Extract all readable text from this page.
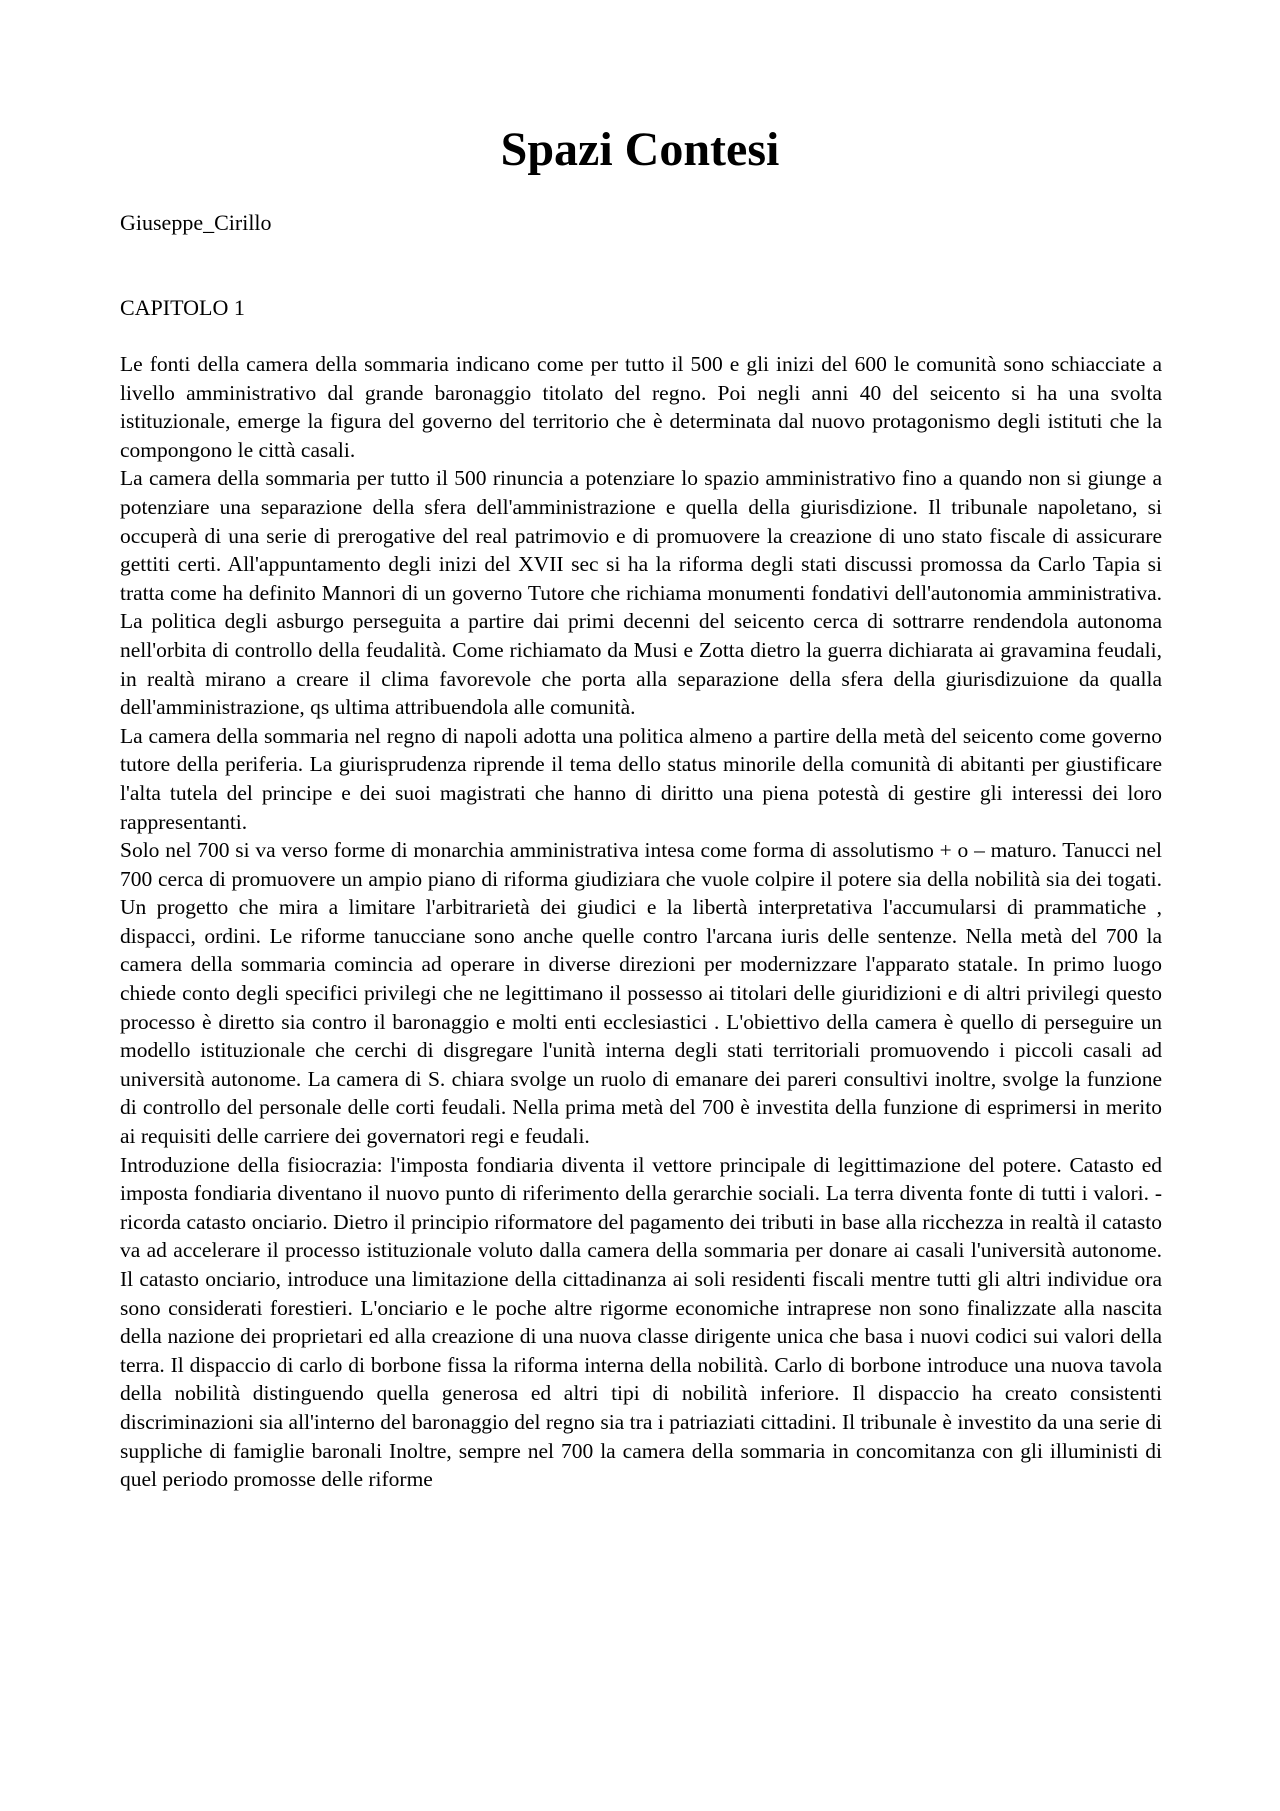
Spazi Contesi
Giuseppe_Cirillo
CAPITOLO 1

Le fonti della camera della sommaria indicano come per tutto il 500 e gli inizi del 600 le comunità sono schiacciate a livello amministrativo dal grande baronaggio titolato del regno. Poi negli anni 40 del seicento si ha una svolta istituzionale, emerge la figura del governo del territorio che è determinata dal nuovo protagonismo degli istituti che la compongono le città casali.

La camera della sommaria per tutto il 500 rinuncia a potenziare lo spazio amministrativo fino a quando non si giunge a potenziare una separazione della sfera dell'amministrazione e quella della giurisdizione. Il tribunale napoletano, si occuperà di una serie di prerogative del real patrimovio e di promuovere la creazione di uno stato fiscale di assicurare gettiti certi. All'appuntamento degli inizi del XVII sec si ha la riforma degli stati discussi promossa da Carlo Tapia si tratta come ha definito Mannori di un governo Tutore che richiama monumenti fondativi dell'autonomia amministrativa. La politica degli asburgo perseguita a partire dai primi decenni del seicento cerca di sottrarre rendendola autonoma nell'orbita di controllo della feudalità. Come richiamato da Musi e Zotta dietro la guerra dichiarata ai gravamina feudali, in realtà mirano a creare il clima favorevole che porta alla separazione della sfera della giurisdizuione da qualla dell'amministrazione, qs ultima attribuendola alle comunità.

La camera della sommaria nel regno di napoli adotta una politica almeno a partire della metà del seicento come governo tutore della periferia. La giurisprudenza riprende il tema dello status minorile della comunità di abitanti per giustificare l'alta tutela del principe e dei suoi magistrati che hanno di diritto una piena potestà di gestire gli interessi dei loro rappresentanti.

Solo nel 700 si va verso forme di monarchia amministrativa intesa come forma di assolutismo + o – maturo. Tanucci nel 700 cerca di promuovere un ampio piano di riforma giudiziara che vuole colpire il potere sia della nobilità sia dei togati. Un progetto che mira a limitare l'arbitrarietà dei giudici e la libertà interpretativa l'accumularsi di prammatiche , dispacci, ordini. Le riforme tanucciane sono anche quelle contro l'arcana iuris delle sentenze. Nella metà del 700 la camera della sommaria comincia ad operare in diverse direzioni per modernizzare l'apparato statale. In primo luogo chiede conto degli specifici privilegi che ne legittimano il possesso ai titolari delle giuridizioni e di altri privilegi questo processo è diretto sia contro il baronaggio e molti enti ecclesiastici . L'obiettivo della camera è quello di perseguire un modello istituzionale che cerchi di disgregare l'unità interna degli stati territoriali promuovendo i piccoli casali ad università autonome. La camera di S. chiara svolge un ruolo di emanare dei pareri consultivi inoltre, svolge la funzione di controllo del personale delle corti feudali. Nella prima metà del 700 è investita della funzione di esprimersi in merito ai requisiti delle carriere dei governatori regi e feudali.

Introduzione della fisiocrazia: l'imposta fondiaria diventa il vettore principale di legittimazione del potere. Catasto ed imposta fondiaria diventano il nuovo punto di riferimento della gerarchie sociali. La terra diventa fonte di tutti i valori. - ricorda catasto onciario. Dietro il principio riformatore del pagamento dei tributi in base alla ricchezza in realtà il catasto va ad accelerare il processo istituzionale voluto dalla camera della sommaria per donare ai casali l'università autonome. Il catasto onciario, introduce una limitazione della cittadinanza ai soli residenti fiscali mentre tutti gli altri individue ora sono considerati forestieri. L'onciario e le poche altre rigorme economiche intraprese non sono finalizzate alla nascita della nazione dei proprietari ed alla creazione di una nuova classe dirigente unica che basa i nuovi codici sui valori della terra. Il dispaccio di carlo di borbone fissa la riforma interna della nobilità. Carlo di borbone introduce una nuova tavola della nobilità distinguendo quella generosa ed altri tipi di nobilità inferiore. Il dispaccio ha creato consistenti discriminazioni sia all'interno del baronaggio del regno sia tra i patriaziati cittadini. Il tribunale è investito da una serie di suppliche di famiglie baronali Inoltre, sempre nel 700 la camera della sommaria in concomitanza con gli illuministi di quel periodo promosse delle riforme
